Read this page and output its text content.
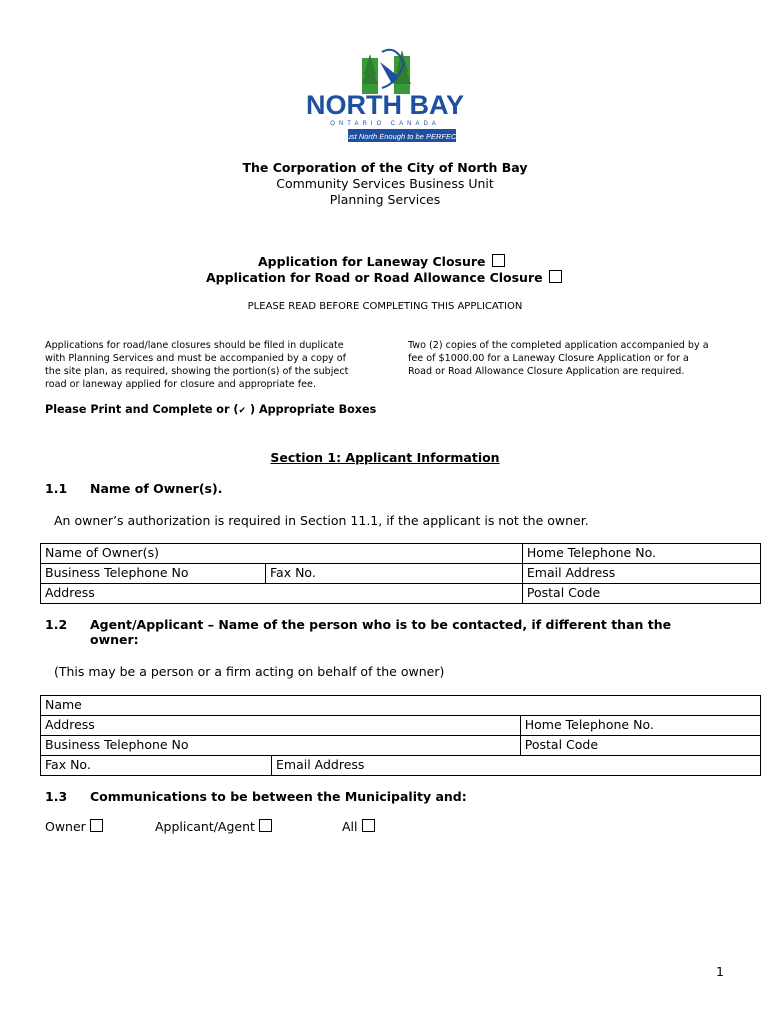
NORTH BAY
ONTARIO CANADA
Just North Enough to be PERFECT
The Corporation of the City of North Bay
Community Services Business Unit
Planning Services
Application for Laneway Closure
Application for Road or Road Allowance Closure
PLEASE READ BEFORE COMPLETING THIS APPLICATION
Applications for road/lane closures should be filed in duplicate
with Planning Services and must be accompanied by a copy of
the site plan, as required, showing the portion(s) of the subject
road or laneway applied for closure and appropriate fee.
Two (2) copies of the completed application accompanied by a
fee of $1000.00 for a Laneway Closure Application or for a
Road or Road Allowance Closure Application are required.
Please Print and Complete or (✔ ) Appropriate Boxes
Section 1: Applicant Information
1.1 Name of Owner(s).
An owner’s authorization is required in Section 11.1, if the applicant is not the owner.
Name of Owner(s)		Home Telephone No.
Business Telephone No	Fax No.	Email Address
Address		Postal Code
1.2 Agent/Applicant – Name of the person who is to be contacted, if different than the
owner:
(This may be a person or a firm acting on behalf of the owner)
Name		
Address		Home Telephone No.
Business Telephone No		Postal Code
Fax No.	Email Address	
1.3 Communications to be between the Municipality and:
Owner	Applicant/Agent	All
1
